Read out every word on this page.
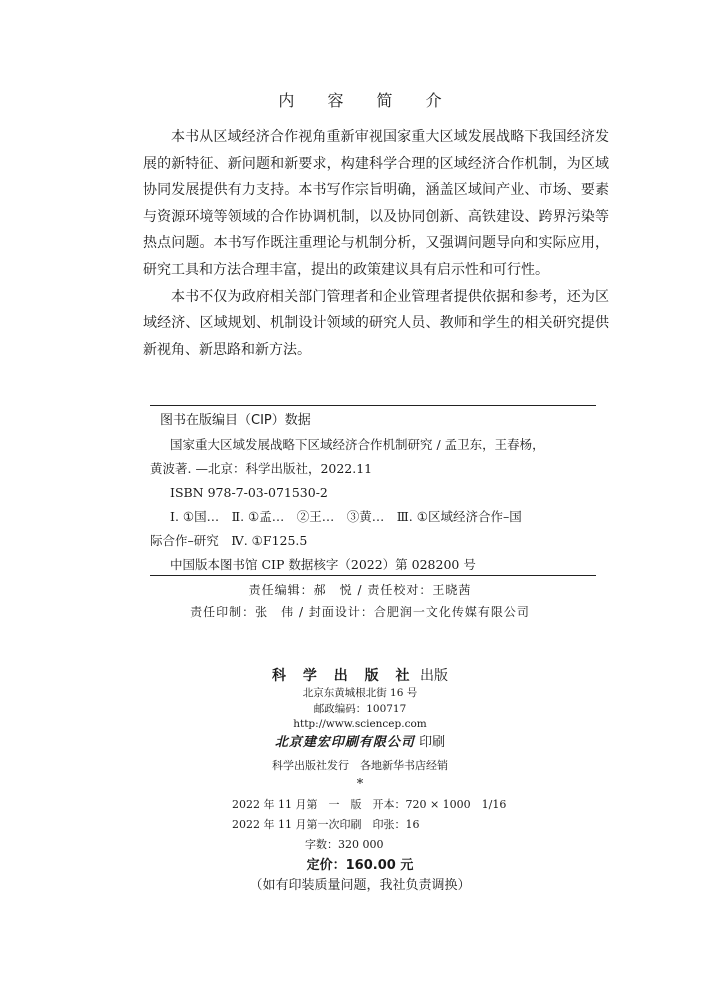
内 容 简 介

本书从区域经济合作视角重新审视国家重大区域发展战略下我国经济发展的新特征、新问题和新要求，构建科学合理的区域经济合作机制，为区域协同发展提供有力支持。本书写作宗旨明确，涵盖区域间产业、市场、要素与资源环境等领域的合作协调机制，以及协同创新、高铁建设、跨界污染等热点问题。本书写作既注重理论与机制分析，又强调问题导向和实际应用，研究工具和方法合理丰富，提出的政策建议具有启示性和可行性。

本书不仅为政府相关部门管理者和企业管理者提供依据和参考，还为区域经济、区域规划、机制设计领域的研究人员、教师和学生的相关研究提供新视角、新思路和新方法。

图书在版编目（CIP）数据

国家重大区域发展战略下区域经济合作机制研究 / 孟卫东，王春杨，

黄波著. —北京：科学出版社，2022.11

ISBN 978-7-03-071530-2

Ⅰ. ①国…　Ⅱ. ①孟…　②王…　③黄…　Ⅲ. ①区域经济合作–国

际合作–研究　Ⅳ. ①F125.5

中国版本图书馆 CIP 数据核字（2022）第 028200 号

责任编辑：郝　悦 / 责任校对：王晓茜
责任印制：张　伟 / 封面设计：合肥润一文化传媒有限公司

科 学 出 版 社 出版

北京东黄城根北街 16 号

邮政编码：100717

http://www.sciencep.com

北京建宏印刷有限公司 印刷

科学出版社发行　各地新华书店经销

*

2022 年 11 月第　一　版　开本：720 × 1000　1/16
2022 年 11 月第一次印刷　印张：16
字数：320 000
定价：160.00 元
（如有印装质量问题，我社负责调换）
